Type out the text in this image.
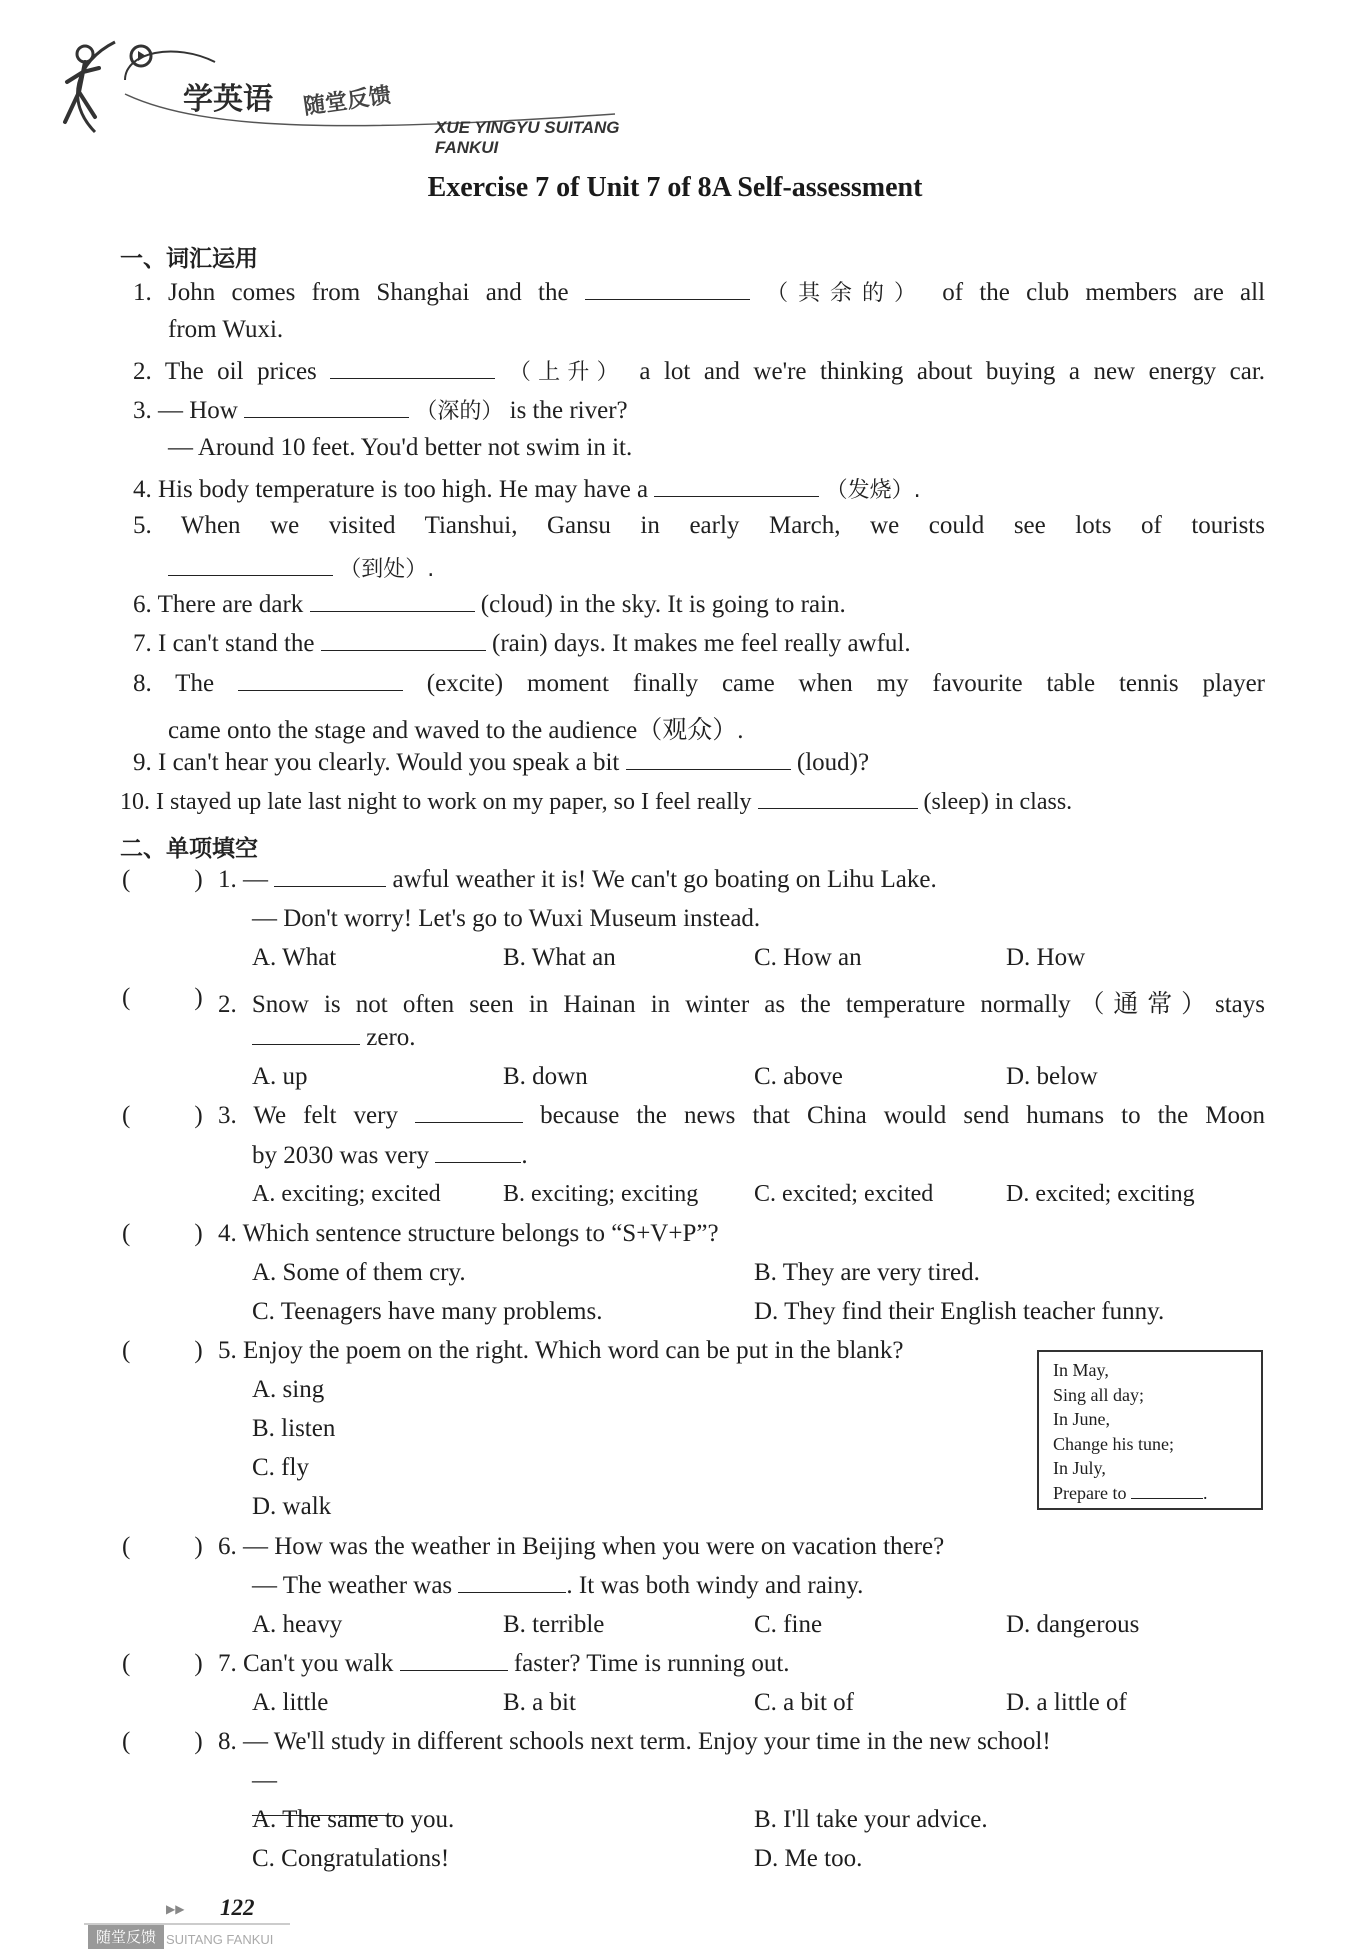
学英语 随堂反馈
XUE YINGYU SUITANG FANKUI
Exercise 7 of Unit 7 of 8A Self-assessment
一、词汇运用
1. John comes from Shanghai and the	（其余的） of the club members are all
from Wuxi.
2. The oil prices	（上升） a lot and we're thinking about buying a new energy car.
3. — How	（深的） is the river?
— Around 10 feet. You'd better not swim in it.
4. His body temperature is too high. He may have a	（发烧）.
5. When we visited Tianshui, Gansu in early March, we could see lots of tourists
（到处）.
6. There are dark	(cloud) in the sky. It is going to rain.
7. I can't stand the	(rain) days. It makes me feel really awful.
8. The	(excite) moment finally came when my favourite table tennis player
came onto the stage and waved to the audience（观众）.
9. I can't hear you clearly. Would you speak a bit	(loud)?
10. I stayed up late last night to work on my paper, so I feel really	(sleep) in class.
二、单项填空
(	) 1. —	awful weather it is! We can't go boating on Lihu Lake.
— Don't worry! Let's go to Wuxi Museum instead.
A. What	B. What an	C. How an	D. How
(	) 2. Snow is not often seen in Hainan in winter as the temperature normally（通常）stays
zero.
A. up	B. down	C. above	D. below
(	) 3. We felt very	because the news that China would send humans to the Moon
by 2030 was very	.
A. exciting; excited	B. exciting; exciting C. excited; excited	D. excited; exciting
(	) 4. Which sentence structure belongs to “S+V+P”?
A. Some of them cry.	B. They are very tired.
C. Teenagers have many problems.	D. They find their English teacher funny.
(	) 5. Enjoy the poem on the right. Which word can be put in the blank?
A. sing
B. listen
C. fly
D. walk
In May,
Sing all day;
In June,
Change his tune;
In July,
Prepare to	.
(	) 6. — How was the weather in Beijing when you were on vacation there?
— The weather was	. It was both windy and rainy.
A. heavy	B. terrible	C. fine	D. dangerous
(	) 7. Can't you walk	faster? Time is running out.
A. little	B. a bit	C. a bit of	D. a little of
(	) 8. — We'll study in different schools next term. Enjoy your time in the new school!
—

A. The same to you.	B. I'll take your advice.
C. Congratulations!	D. Me too.
▶▶ 122
随堂反馈 SUITANG FANKUI
